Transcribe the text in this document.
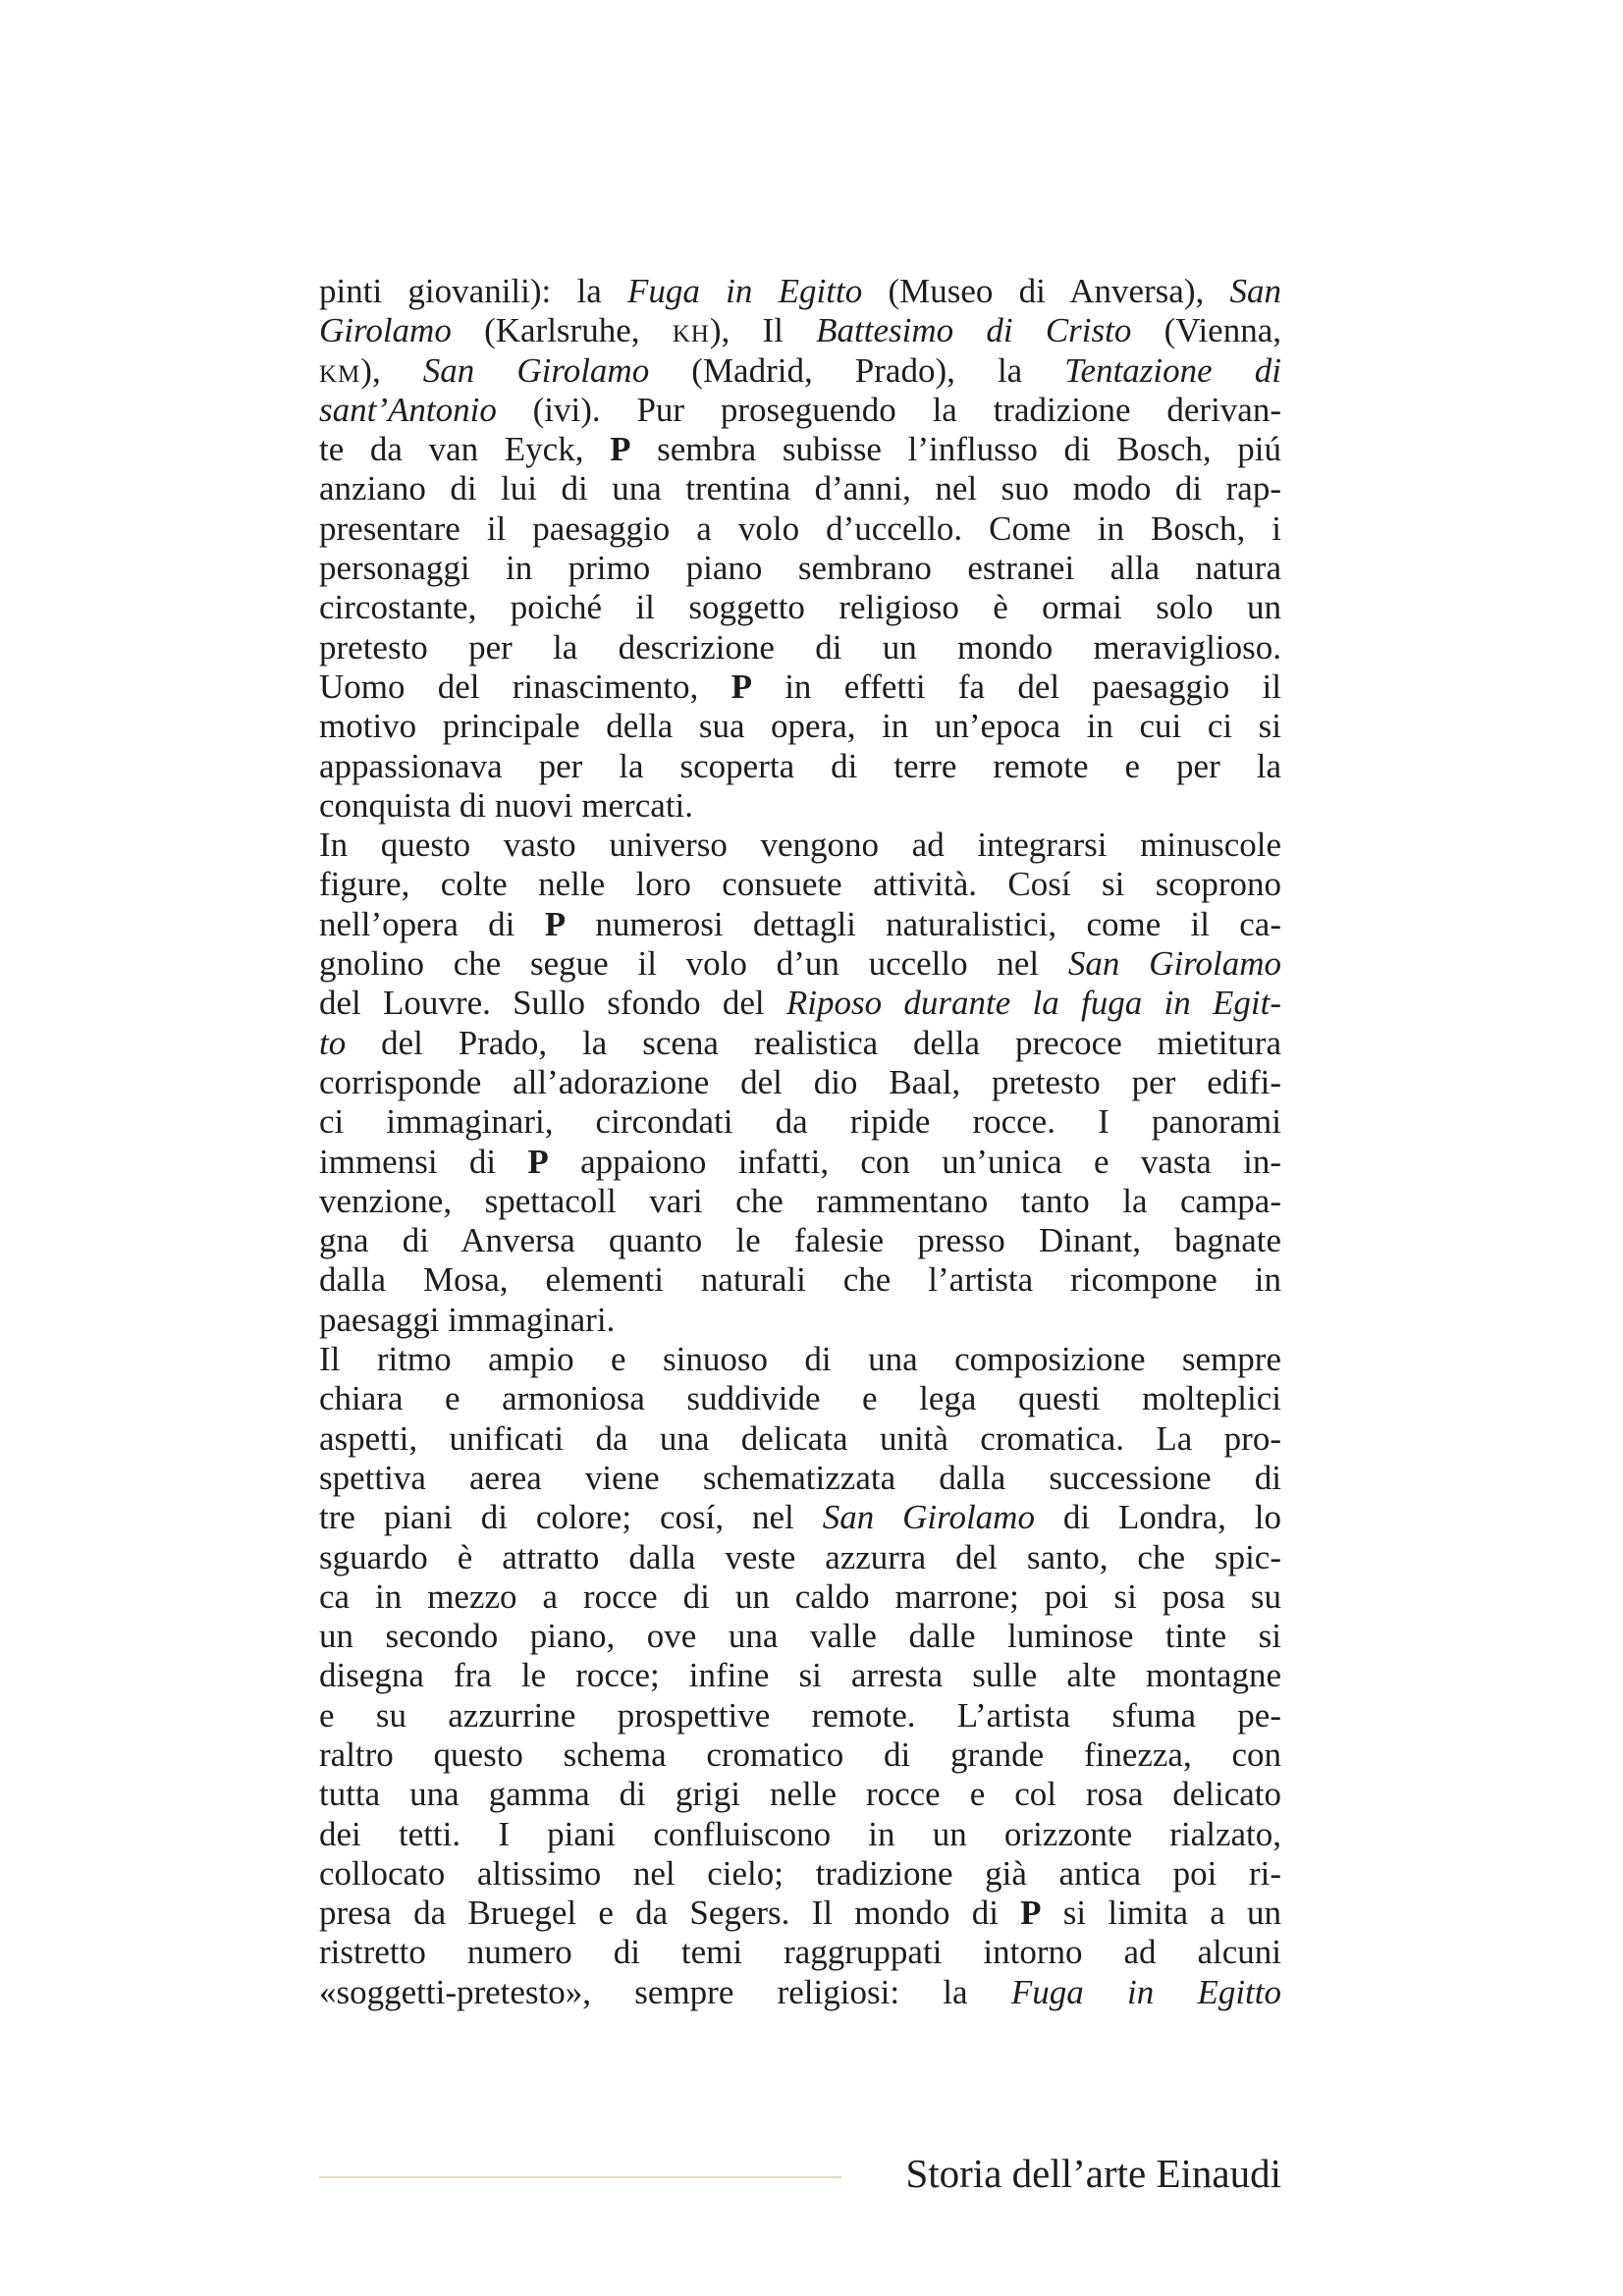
pinti giovanili): la Fuga in Egitto (Museo di Anversa), San
Girolamo (Karlsruhe, kh), Il Battesimo di Cristo (Vienna,
km), San Girolamo (Madrid, Prado), la Tentazione di
sant’Antonio (ivi). Pur proseguendo la tradizione derivan-
te da van Eyck, P sembra subisse l’influsso di Bosch, piú
anziano di lui di una trentina d’anni, nel suo modo di rap-
presentare il paesaggio a volo d’uccello. Come in Bosch, i
personaggi in primo piano sembrano estranei alla natura
circostante, poiché il soggetto religioso è ormai solo un
pretesto per la descrizione di un mondo meraviglioso.
Uomo del rinascimento, P in effetti fa del paesaggio il
motivo principale della sua opera, in un’epoca in cui ci si
appassionava per la scoperta di terre remote e per la
conquista di nuovi mercati.
In questo vasto universo vengono ad integrarsi minuscole
figure, colte nelle loro consuete attività. Cosí si scoprono
nell’opera di P numerosi dettagli naturalistici, come il ca-
gnolino che segue il volo d’un uccello nel San Girolamo
del Louvre. Sullo sfondo del Riposo durante la fuga in Egit-
to del Prado, la scena realistica della precoce mietitura
corrisponde all’adorazione del dio Baal, pretesto per edifi-
ci immaginari, circondati da ripide rocce. I panorami
immensi di P appaiono infatti, con un’unica e vasta in-
venzione, spettacoll vari che rammentano tanto la campa-
gna di Anversa quanto le falesie presso Dinant, bagnate
dalla Mosa, elementi naturali che l’artista ricompone in
paesaggi immaginari.
Il ritmo ampio e sinuoso di una composizione sempre
chiara e armoniosa suddivide e lega questi molteplici
aspetti, unificati da una delicata unità cromatica. La pro-
spettiva aerea viene schematizzata dalla successione di
tre piani di colore; cosí, nel San Girolamo di Londra, lo
sguardo è attratto dalla veste azzurra del santo, che spic-
ca in mezzo a rocce di un caldo marrone; poi si posa su
un secondo piano, ove una valle dalle luminose tinte si
disegna fra le rocce; infine si arresta sulle alte montagne
e su azzurrine prospettive remote. L’artista sfuma pe-
raltro questo schema cromatico di grande finezza, con
tutta una gamma di grigi nelle rocce e col rosa delicato
dei tetti. I piani confluiscono in un orizzonte rialzato,
collocato altissimo nel cielo; tradizione già antica poi ri-
presa da Bruegel e da Segers. Il mondo di P si limita a un
ristretto numero di temi raggruppati intorno ad alcuni
«soggetti-pretesto», sempre religiosi: la Fuga in Egitto
Storia dell’arte Einaudi
